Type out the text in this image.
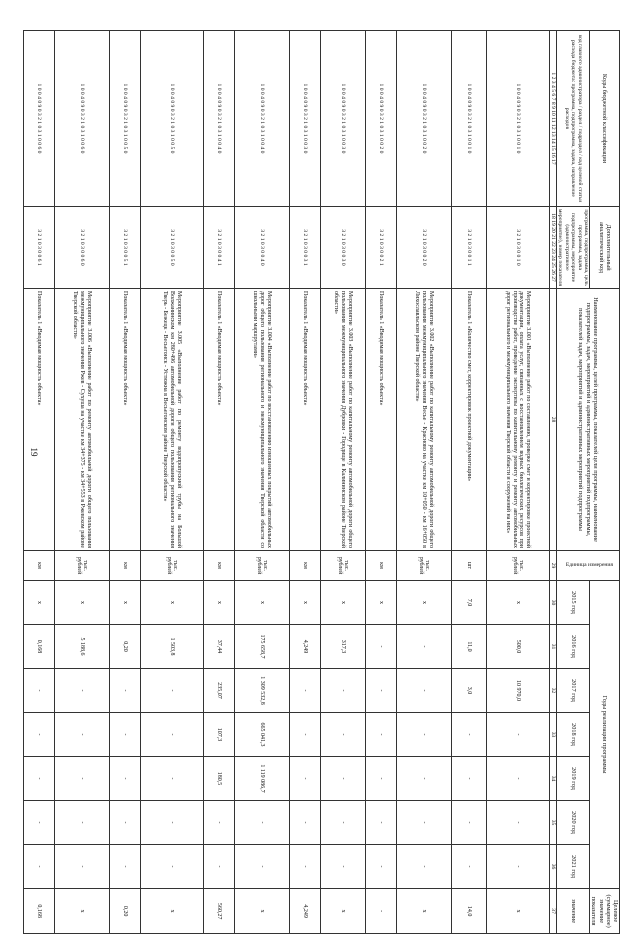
19
Коды бюджетной классификации	Дополнительный аналитический код	Наименование программы, целей программы, показателей цели программы, наименование подпрограммы, задач, мероприятий и административных мероприятий подпрограммы, показателей задач, мероприятий и административных мероприятий подпрограммы	Единица измерения	Годы реализации программы							Целевое (суммарное) значение показателя
код главного администратора / раздел / подраздел / код целевой статьи расхода бюджета: программа, подпрограмма, задача, направление расходов	программа, подпрограмма, цель программы, задача подпрограммы, мероприятие (административное мероприятие), номер показателя			2015 год	2016 год	2017 год	2018 год	2019 год	2020 год	2021 год	значение
1 2 3 4 5 6 7 8 9 10 11 12 13 14 15 16 17	18 19 20 21 22 23 24 25 26 27	28	29	30	31	32	33	34	35	36	37
1 0 0 4 0 9 0 3 2 1 0 3 1 0 0 1 0	3 2 1 0 3 0 0 1 0	Мероприятие 3.001 «Выполнение работ по составлению, проверке смет и корректировке проектной документации, оплата услуг, связанных с восстановлением водных биологических ресурсов при производстве работ, проведение экспертизы по капитальному ремонту и ремонту автомобильных дорог регионального и межмуниципального значения Тверской области и сооружений на них»	тыс. рублей	х	500,0	10 970,0	-	-	-	-	х
1 0 0 4 0 9 0 3 2 1 0 3 1 0 0 1 0	3 2 1 0 3 0 0 1 1	Показатель 1 «Количество смет, корректировок проектной документации»	шт	7,0	11,0	3,0	-	-	-	-	14,0
1 0 0 4 0 9 0 3 2 1 0 3 1 0 0 2 0	3 2 1 0 3 0 0 2 0	Мероприятие 3.002 «Выполнение работ по капитальному ремонту автомобильной дороги общего пользования межмуниципального значения Весье - Красново на участке км 10+050 - км 16+050 в Лихославльском районе Тверской области»	тыс. рублей	х	-	-	-	-	-	-	х
1 0 0 4 0 9 0 3 2 1 0 3 1 0 0 2 0	3 2 1 0 3 0 0 2 1	Показатель 1 «Вводимая мощность объекта»	км	х	-	-	-	-	-	-	-
1 0 0 4 0 9 0 3 2 1 0 3 1 0 0 3 0	3 2 1 0 3 0 0 3 0	Мероприятие 3.003 «Выполнение работ по капитальному ремонту автомобильной дороги общего пользования межмуниципального значения Дубровки - Городище в Калининском районе Тверской области»	тыс. рублей	х	317,3	-	-	-	-	-	х
1 0 0 4 0 9 0 3 2 1 0 3 1 0 0 3 0	3 2 1 0 3 0 0 3 1	Показатель 1 «Вводимая мощность объекта»	км	х	4,249	-	-	-	-	-	4,249
1 0 0 4 0 9 0 3 2 1 0 3 1 0 0 4 0	3 2 1 0 3 0 0 4 0	Мероприятие 3.004 «Выполнение работ по восстановлению изношенных покрытий автомобильных дорог общего пользования регионального и межмуниципального значения Тверской области со школьными маршрутами»	тыс. рублей	х	175 658,7	1 309 532,8	665 041,3	1 119 086,7	-	-	х
1 0 0 4 0 9 0 3 2 1 0 3 1 0 0 4 0	3 2 1 0 3 0 0 4 1	Показатель 1 «Вводимая мощность объекта»	км	х	37,44	235,07	107,3	180,5	-	-	560,27
1 0 0 4 0 9 0 3 2 1 0 3 1 0 0 5 0	3 2 1 0 3 0 0 5 0	Мероприятие 3.005 «Выполнение работ по ремонту водопропускной трубы на Большой Волжанинском км 280+496 автомобильной дороги общего пользования регионального значения Тверь - Бежецк - Весьегонск - Устюжна в Весьегонском районе Тверской области»	тыс. рублей	х	1 503,8	-	-	-	-	-	х
1 0 0 4 0 9 0 3 2 1 0 3 1 0 0 5 0	3 2 1 0 3 0 0 5 1	Показатель 1 «Вводимая мощность объекта»	км	х	0,20	-	-	-	-	-	0,20
1 0 0 4 0 9 0 3 2 1 0 3 1 0 0 6 0	3 2 1 0 3 0 0 6 0	Мероприятие 3.006 «Выполнение работ по ремонту автомобильной дороги общего пользования межмуниципального значения Ржев - Сухуша на участке км 34+375 - км 34+553 в Ржевском районе Тверской области»	тыс. рублей	х	5 188,6	-	-	-	-	-	х
1 0 0 4 0 9 0 3 2 1 0 3 1 0 0 6 0	3 2 1 0 3 0 0 6 1	Показатель 1 «Вводимая мощность объекта»	км	х	0,168	-	-	-	-	-	0,168
